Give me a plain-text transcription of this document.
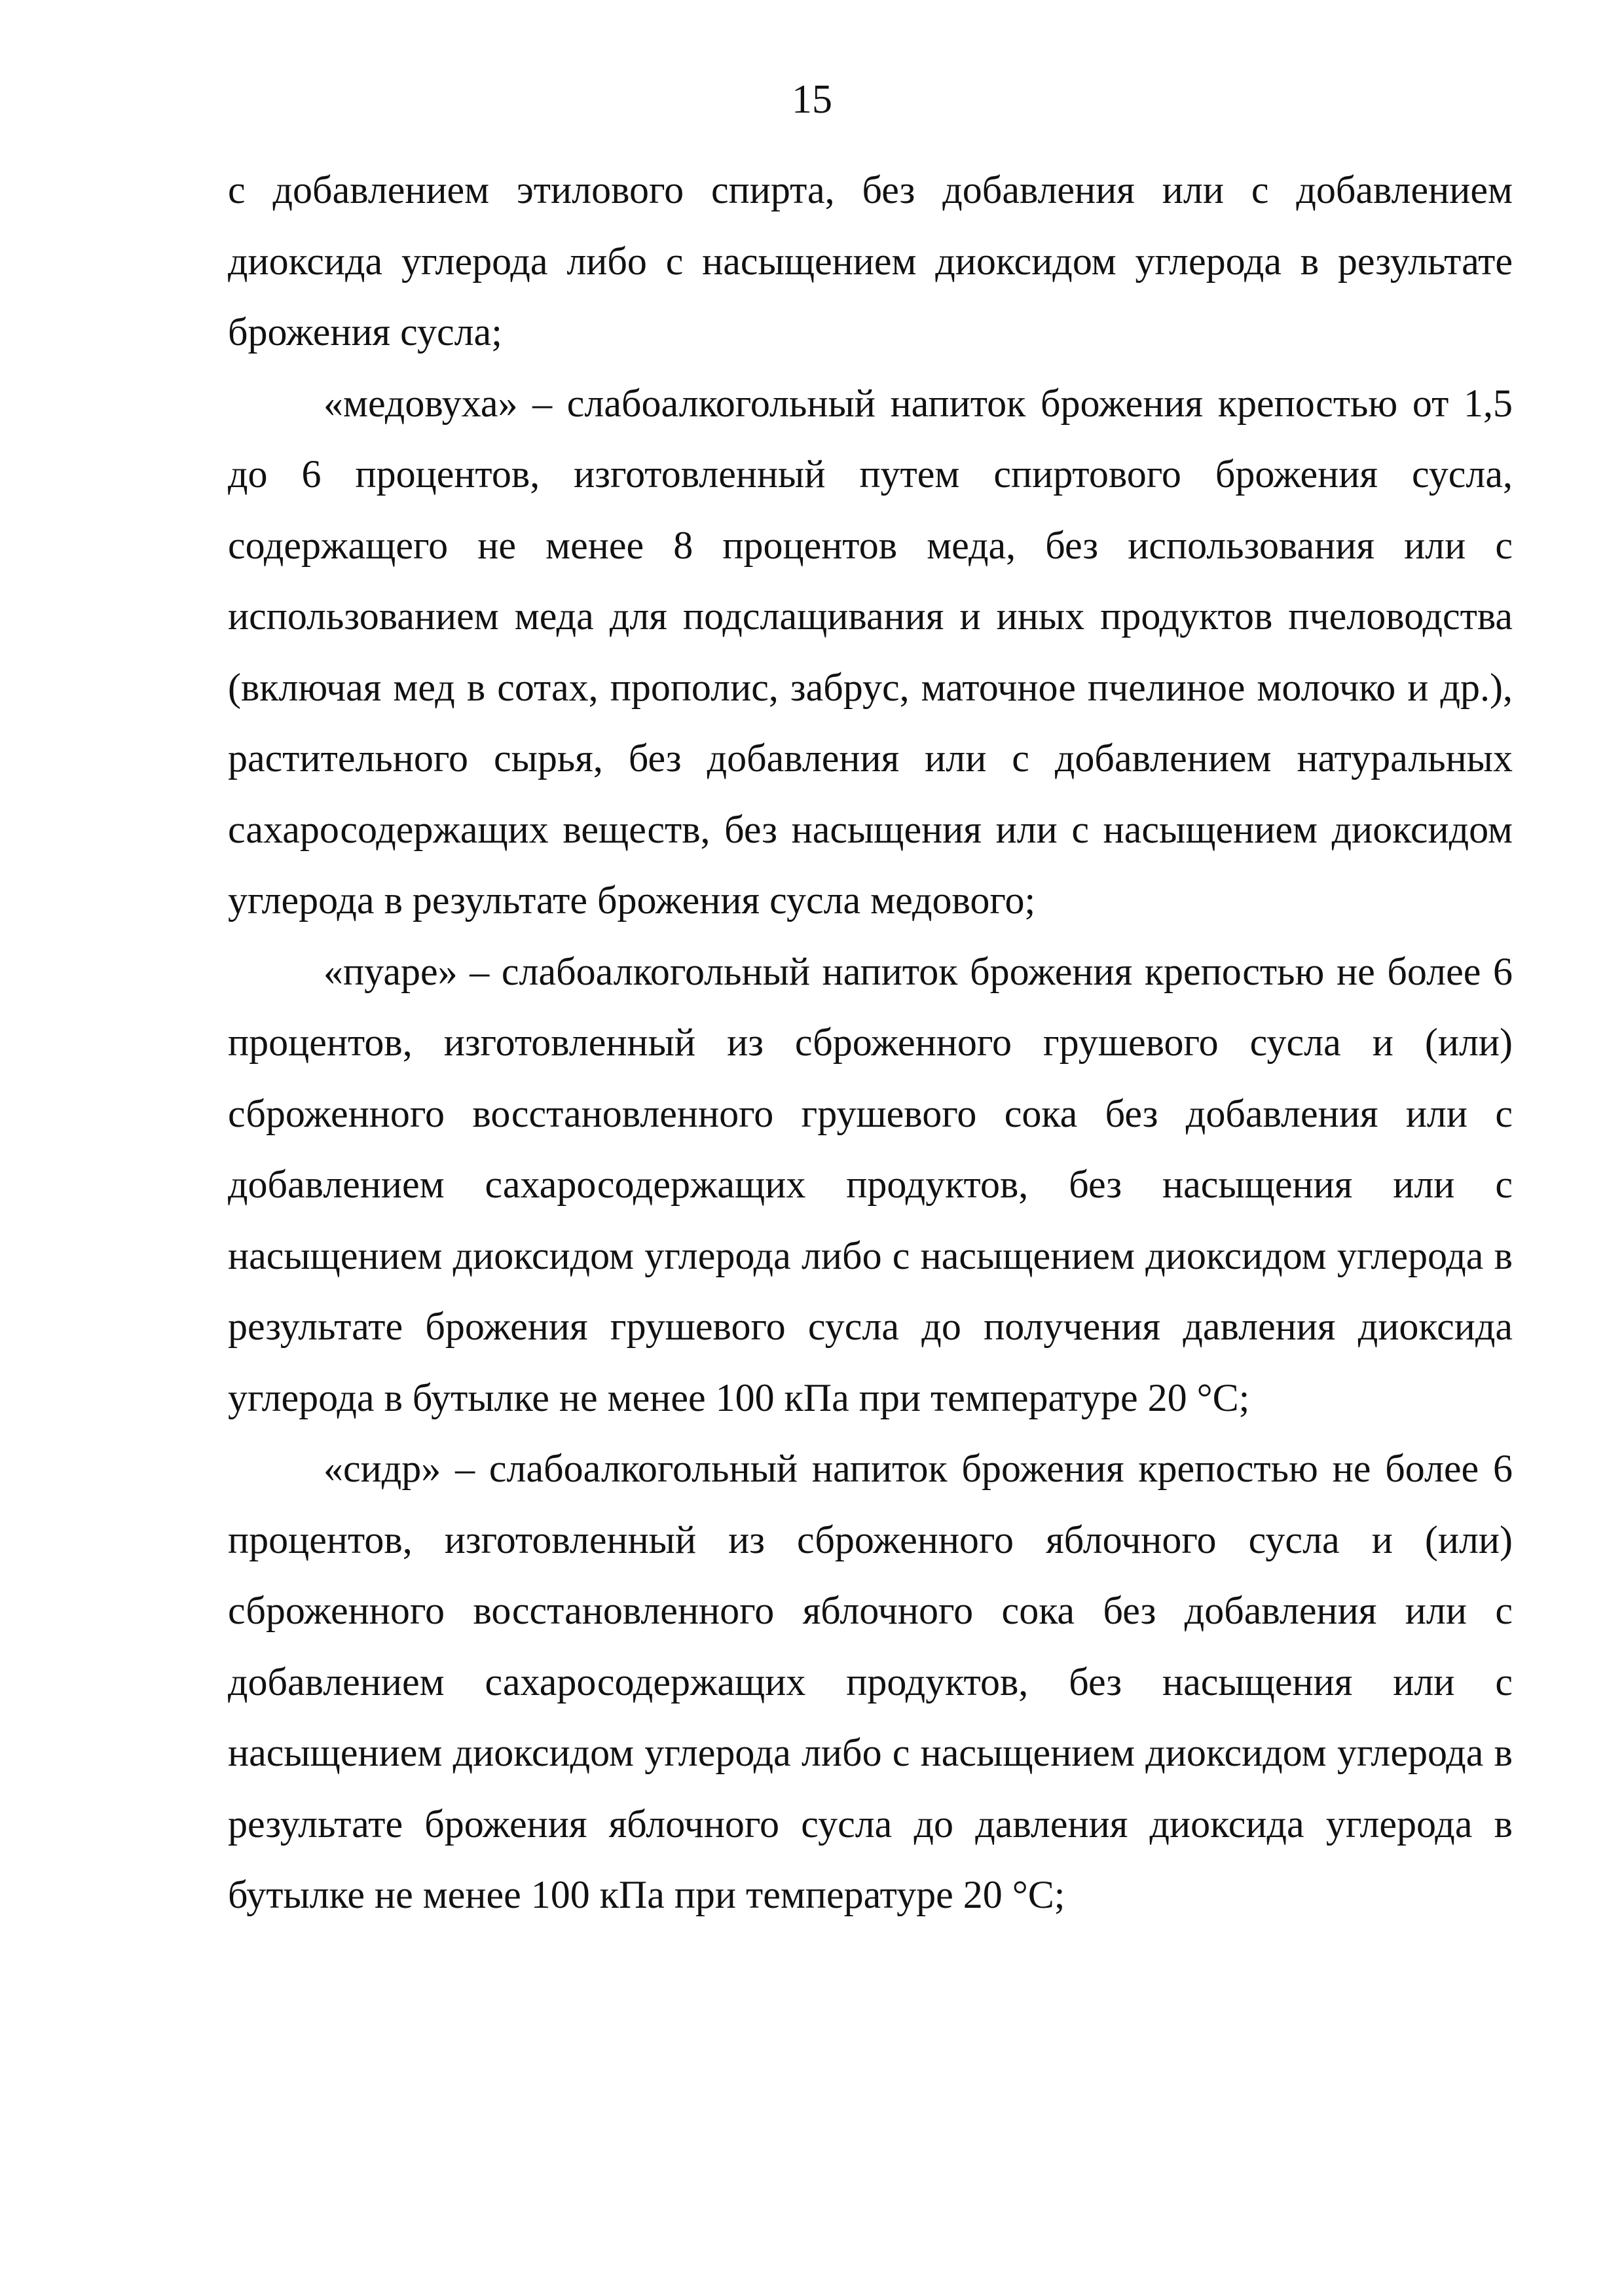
15

с добавлением этилового спирта, без добавления или с добавлением диоксида углерода либо с насыщением диоксидом углерода в результате брожения сусла;

«медовуха» – слабоалкогольный напиток брожения крепостью от 1,5 до 6 процентов, изготовленный путем спиртового брожения сусла, содержащего не менее 8 процентов меда, без использования или с использованием меда для подслащивания и иных продуктов пчеловодства (включая мед в сотах, прополис, забрус, маточное пчелиное молочко и др.), растительного сырья, без добавления или с добавлением натуральных сахаросодержащих веществ, без насыщения или с насыщением диоксидом углерода в результате брожения сусла медового;

«пуаре» – слабоалкогольный напиток брожения крепостью не более 6 процентов, изготовленный из сброженного грушевого сусла и (или) сброженного восстановленного грушевого сока без добавления или с добавлением сахаросодержащих продуктов, без насыщения или с насыщением диоксидом углерода либо с насыщением диоксидом углерода в результате брожения грушевого сусла до получения давления диоксида углерода в бутылке не менее 100 кПа при температуре 20 °С;

«сидр» – слабоалкогольный напиток брожения крепостью не более 6 процентов, изготовленный из сброженного яблочного сусла и (или) сброженного восстановленного яблочного сока без добавления или с добавлением сахаросодержащих продуктов, без насыщения или с насыщением диоксидом углерода либо с насыщением диоксидом углерода в результате брожения яблочного сусла до давления диоксида углерода в бутылке не менее 100 кПа при температуре 20 °С;
